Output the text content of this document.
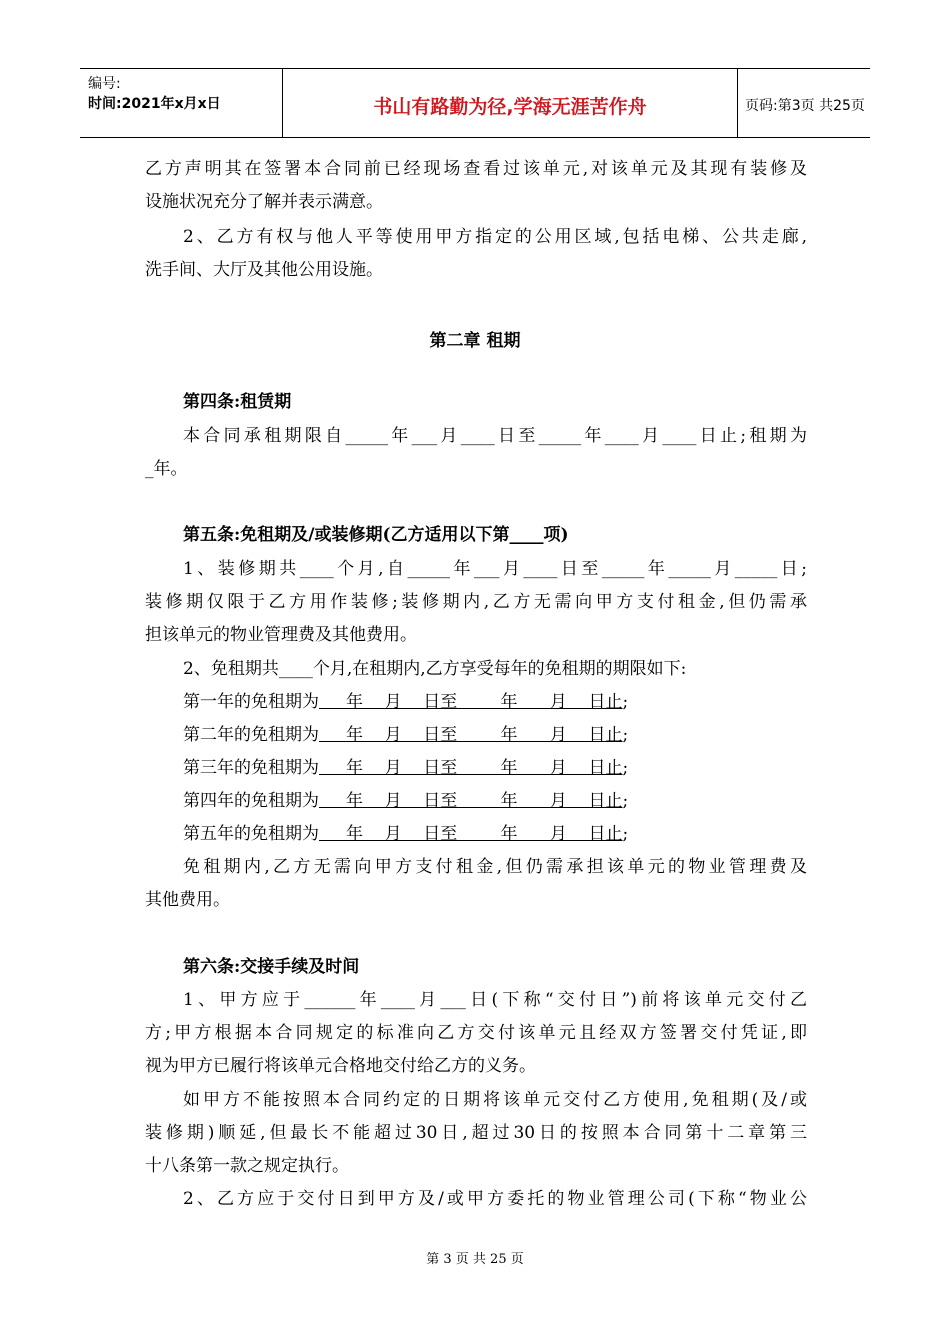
编号:
时间:2021年x月x日	书山有路勤为径,学海无涯苦作舟	页码:第3页 共25页
乙方声明其在签署本合同前已经现场查看过该单元,对该单元及其现有装修及
设施状况充分了解并表示满意。
2、乙方有权与他人平等使用甲方指定的公用区域,包括电梯、公共走廊,
洗手间、大厅及其他公用设施。
第二章 租期
第四条:租赁期
本合同承租期限自_____年___月____日至_____年____月____日止;租期为
_年。
第五条:免租期及/或装修期(乙方适用以下第____项)
1、装修期共____个月,自_____年___月____日至_____年_____月_____日;
装修期仅限于乙方用作装修;装修期内,乙方无需向甲方支付租金,但仍需承
担该单元的物业管理费及其他费用。
2、免租期共____个月,在租期内,乙方享受每年的免租期的期限如下:
第一年的免租期为     年    月    日至        年      月    日止;
第二年的免租期为     年    月    日至        年      月    日止;
第三年的免租期为     年    月    日至        年      月    日止;
第四年的免租期为     年    月    日至        年      月    日止;
第五年的免租期为     年    月    日至        年      月    日止;
免租期内,乙方无需向甲方支付租金,但仍需承担该单元的物业管理费及
其他费用。
第六条:交接手续及时间
1、甲方应于______年____月___日(下称“交付日”)前将该单元交付乙
方;甲方根据本合同规定的标准向乙方交付该单元且经双方签署交付凭证,即
视为甲方已履行将该单元合格地交付给乙方的义务。
如甲方不能按照本合同约定的日期将该单元交付乙方使用,免租期(及/或
装修期)顺延,但最长不能超过30日,超过30日的按照本合同第十二章第三
十八条第一款之规定执行。
2、乙方应于交付日到甲方及/或甲方委托的物业管理公司(下称“物业公
第 3 页 共 25 页
